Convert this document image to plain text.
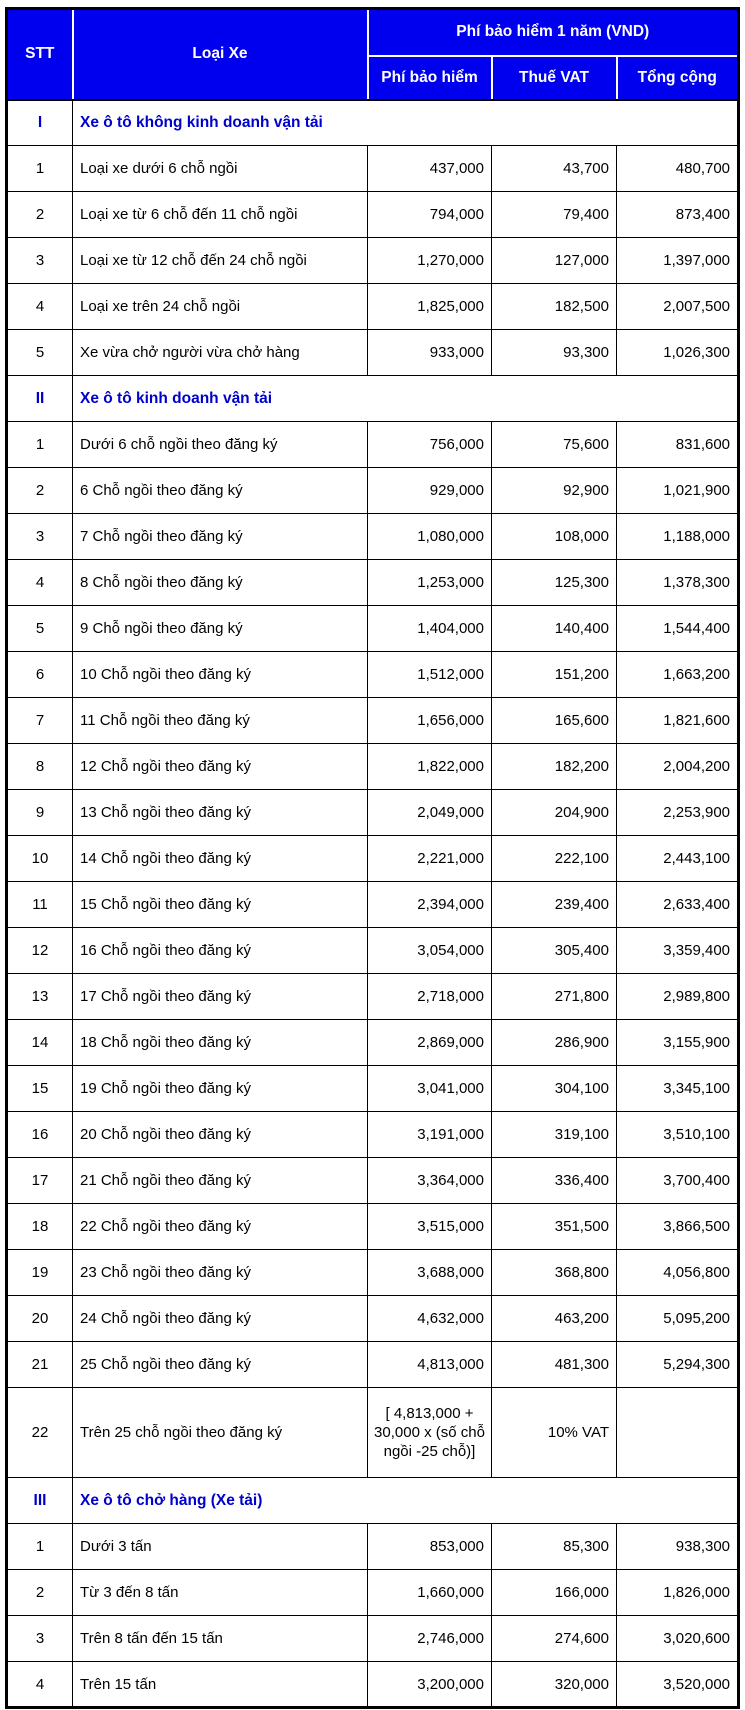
STT	Loại Xe	Phí bảo hiểm 1 năm (VND)		
		Phí bảo hiểm	Thuế VAT	Tổng cộng
I	Xe ô tô không kinh doanh vận tải			
1	Loại xe dưới 6 chỗ ngồi	437,000	43,700	480,700
2	Loại xe từ 6 chỗ đến 11 chỗ ngồi	794,000	79,400	873,400
3	Loại xe từ 12 chỗ đến 24 chỗ ngồi	1,270,000	127,000	1,397,000
4	Loại xe trên 24 chỗ ngồi	1,825,000	182,500	2,007,500
5	Xe vừa chở người vừa chở hàng	933,000	93,300	1,026,300
II	Xe ô tô kinh doanh vận tải			
1	Dưới 6 chỗ ngồi theo đăng ký	756,000	75,600	831,600
2	6 Chỗ ngồi theo đăng ký	929,000	92,900	1,021,900
3	7 Chỗ ngồi theo đăng ký	1,080,000	108,000	1,188,000
4	8 Chỗ ngồi theo đăng ký	1,253,000	125,300	1,378,300
5	9 Chỗ ngồi theo đăng ký	1,404,000	140,400	1,544,400
6	10 Chỗ ngồi theo đăng ký	1,512,000	151,200	1,663,200
7	11 Chỗ ngồi theo đăng ký	1,656,000	165,600	1,821,600
8	12 Chỗ ngồi theo đăng ký	1,822,000	182,200	2,004,200
9	13 Chỗ ngồi theo đăng ký	2,049,000	204,900	2,253,900
10	14 Chỗ ngồi theo đăng ký	2,221,000	222,100	2,443,100
11	15 Chỗ ngồi theo đăng ký	2,394,000	239,400	2,633,400
12	16 Chỗ ngồi theo đăng ký	3,054,000	305,400	3,359,400
13	17 Chỗ ngồi theo đăng ký	2,718,000	271,800	2,989,800
14	18 Chỗ ngồi theo đăng ký	2,869,000	286,900	3,155,900
15	19 Chỗ ngồi theo đăng ký	3,041,000	304,100	3,345,100
16	20 Chỗ ngồi theo đăng ký	3,191,000	319,100	3,510,100
17	21 Chỗ ngồi theo đăng ký	3,364,000	336,400	3,700,400
18	22 Chỗ ngồi theo đăng ký	3,515,000	351,500	3,866,500
19	23 Chỗ ngồi theo đăng ký	3,688,000	368,800	4,056,800
20	24 Chỗ ngồi theo đăng ký	4,632,000	463,200	5,095,200
21	25 Chỗ ngồi theo đăng ký	4,813,000	481,300	5,294,300
22	Trên 25 chỗ ngồi theo đăng ký	[ 4,813,000 + 30,000 x (số chỗ ngồi -25 chỗ)]	10% VAT	
III	Xe ô tô chở hàng (Xe tải)			
1	Dưới 3 tấn	853,000	85,300	938,300
2	Từ 3 đến 8 tấn	1,660,000	166,000	1,826,000
3	Trên 8 tấn đến 15 tấn	2,746,000	274,600	3,020,600
4	Trên 15 tấn	3,200,000	320,000	3,520,000
